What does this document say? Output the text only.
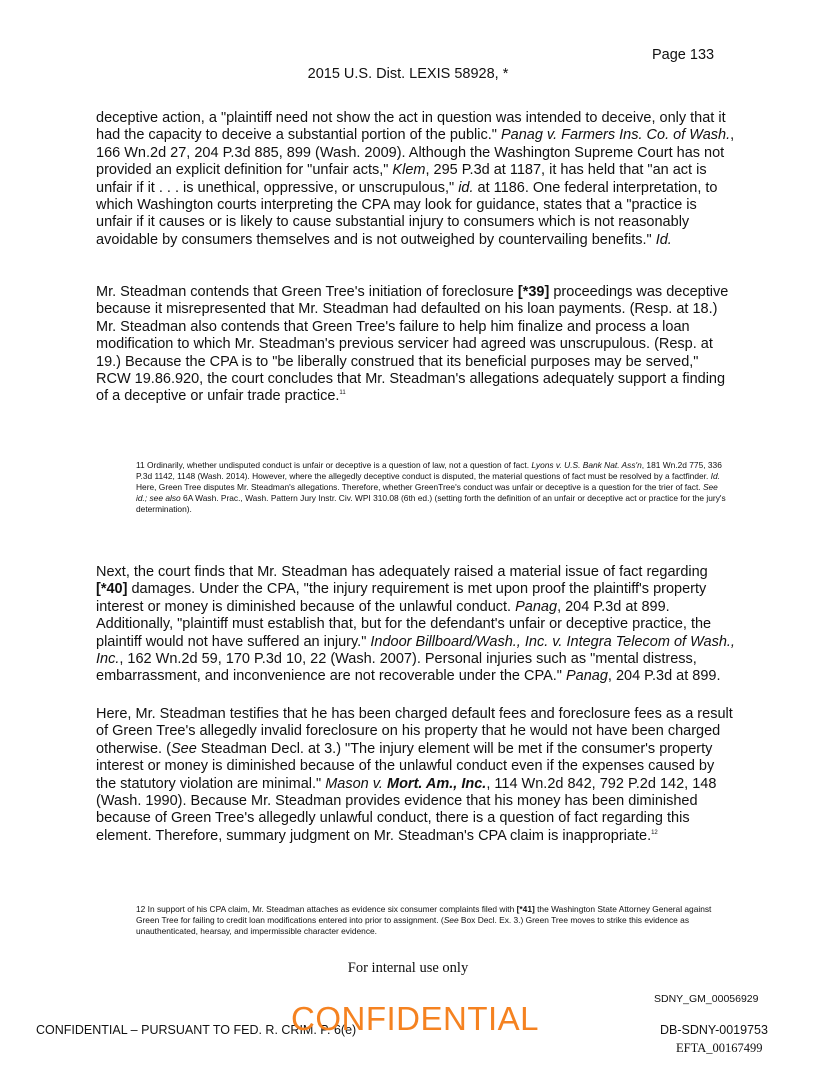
Page 133
2015 U.S. Dist. LEXIS 58928, *

deceptive action, a "plaintiff need not show the act in question was intended to deceive, only that it had the capacity to deceive a substantial portion of the public." Panag v. Farmers Ins. Co. of Wash., 166 Wn.2d 27, 204 P.3d 885, 899 (Wash. 2009). Although the Washington Supreme Court has not provided an explicit definition for "unfair acts," Klem, 295 P.3d at 1187, it has held that "an act is unfair if it . . . is unethical, oppressive, or unscrupulous," id. at 1186. One federal interpretation, to which Washington courts interpreting the CPA may look for guidance, states that a "practice is unfair if it causes or is likely to cause substantial injury to consumers which is not reasonably avoidable by consumers themselves and is not outweighed by countervailing benefits." Id.

Mr. Steadman contends that Green Tree's initiation of foreclosure [*39] proceedings was deceptive because it misrepresented that Mr. Steadman had defaulted on his loan payments. (Resp. at 18.) Mr. Steadman also contends that Green Tree's failure to help him finalize and process a loan modification to which Mr. Steadman's previous servicer had agreed was unscrupulous. (Resp. at 19.) Because the CPA is to "be liberally construed that its beneficial purposes may be served," RCW 19.86.920, the court concludes that Mr. Steadman's allegations adequately support a finding of a deceptive or unfair trade practice.$^{11}$

11 Ordinarily, whether undisputed conduct is unfair or deceptive is a question of law, not a question of fact. Lyons v. U.S. Bank Nat. Ass'n, 181 Wn.2d 775, 336 P.3d 1142, 1148 (Wash. 2014). However, where the allegedly deceptive conduct is disputed, the material questions of fact must be resolved by a factfinder. Id. Here, Green Tree disputes Mr. Steadman's allegations. Therefore, whether GreenTree's conduct was unfair or deceptive is a question for the trier of fact. See id.; see also 6A Wash. Prac., Wash. Pattern Jury Instr. Civ. WPI 310.08 (6th ed.) (setting forth the definition of an unfair or deceptive act or practice for the jury's determination).

Next, the court finds that Mr. Steadman has adequately raised a material issue of fact regarding [*40] damages. Under the CPA, "the injury requirement is met upon proof the plaintiff's property interest or money is diminished because of the unlawful conduct. Panag, 204 P.3d at 899. Additionally, "plaintiff must establish that, but for the defendant's unfair or deceptive practice, the plaintiff would not have suffered an injury." Indoor Billboard/Wash., Inc. v. Integra Telecom of Wash., Inc., 162 Wn.2d 59, 170 P.3d 10, 22 (Wash. 2007). Personal injuries such as "mental distress, embarrassment, and inconvenience are not recoverable under the CPA." Panag, 204 P.3d at 899.

Here, Mr. Steadman testifies that he has been charged default fees and foreclosure fees as a result of Green Tree's allegedly invalid foreclosure on his property that he would not have been charged otherwise. (See Steadman Decl. at 3.) "The injury element will be met if the consumer's property interest or money is diminished because of the unlawful conduct even if the expenses caused by the statutory violation are minimal." Mason v. Mort. Am., Inc., 114 Wn.2d 842, 792 P.2d 142, 148 (Wash. 1990). Because Mr. Steadman provides evidence that his money has been diminished because of Green Tree's allegedly unlawful conduct, there is a question of fact regarding this element. Therefore, summary judgment on Mr. Steadman's CPA claim is inappropriate.$^{12}$

12 In support of his CPA claim, Mr. Steadman attaches as evidence six consumer complaints filed with [*41] the Washington State Attorney General against Green Tree for failing to credit loan modifications entered into prior to assignment. (See Box Decl. Ex. 3.) Green Tree moves to strike this evidence as unauthenticated, hearsay, and impermissible character evidence.

For internal use only
SDNY_GM_00056929
CONFIDENTIAL – PURSUANT TO FED. R. CRIM. P. 6(e)
CONFIDENTIAL	DB-SDNY-0019753
EFTA_00167499
